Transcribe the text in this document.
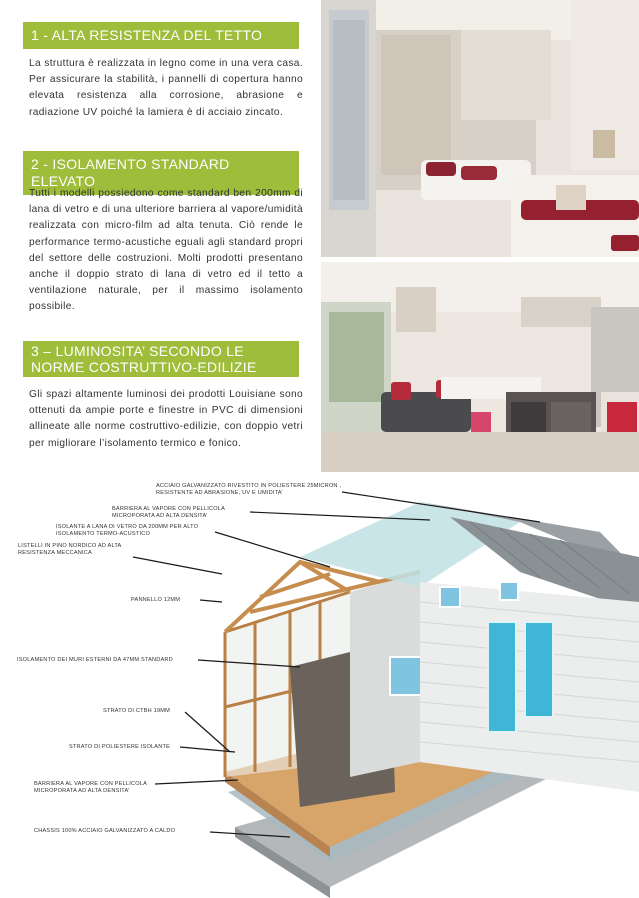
1 - ALTA RESISTENZA DEL TETTO
La struttura è realizzata in legno come in una vera casa. Per assicurare la stabilità, i pannelli di copertura hanno elevata resistenza alla corrosione, abrasione e radiazione UV poiché la lamiera è di acciaio zincato.
2 - ISOLAMENTO STANDARD ELEVATO
Tutti i modelli possiedono come standard ben 200mm di lana di vetro e di una ulteriore barriera al vapore/umidità realizzata con micro-film ad alta tenuta. Ciò rende le performance termo-acustiche eguali agli standard propri del settore delle costruzioni. Molti prodotti presentano anche il doppio strato di lana di vetro ed il tetto a ventilazione naturale, per il massimo isolamento possibile.
3 – LUMINOSITA’ SECONDO LE NORME COSTRUTTIVO-EDILIZIE
Gli spazi altamente luminosi dei prodotti Louisiane sono ottenuti da ampie porte e finestre in PVC di dimensioni allineate alle norme costruttivo-edilizie, con doppio vetri per migliorare l’isolamento termico e fonico.
ACCIAIO GALVANIZZATO RIVESTITO IN POLIESTERE 25MICRON , RESISTENTE AD ABRASIONE, UV E UMIDITA’
BARRIERA AL VAPORE CON PELLICOLA MICROPORATA AD ALTA DENSITA’
ISOLANTE A LANA DI VETRO DA 200MM PER ALTO ISOLAMENTO TERMO-ACUSTICO
LISTELLI IN PINO NORDICO AD ALTA RESISTENZA MECCANICA
PANNELLO 12MM
ISOLAMENTO DEI MURI ESTERNI DA 47MM STANDARD
STRATO DI CTBH 19MM
STRATO DI POLIESTERE ISOLANTE
BARRIERA AL VAPORE CON PELLICOLA MICROPORATA AD ALTA DENSITA’
CHASSIS 100% ACCIAIO GALVANIZZATO A CALDO
